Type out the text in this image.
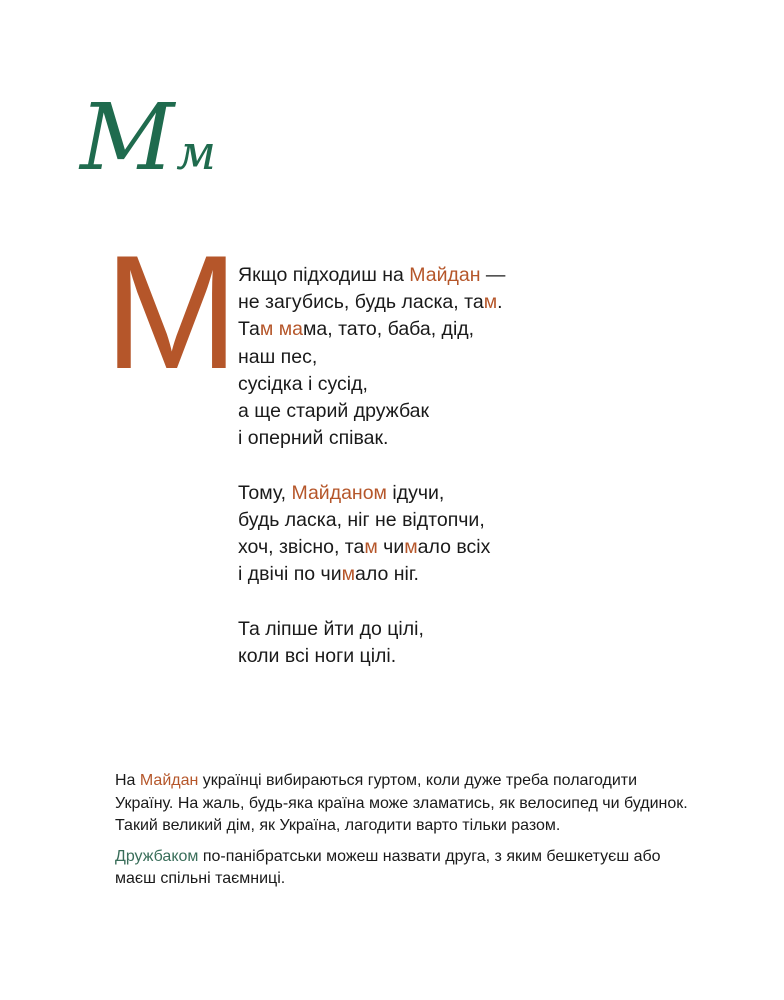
Mм
M Якщо підходиш на Майдан —
не загубись, будь ласка, там.
Там мама, тато, баба, дід,
наш пес,
сусідка і сусід,
а ще старий дружбак
і оперний співак.
Тому, Майданом ідучи,
будь ласка, ніг не відтопчи,
хоч, звісно, там чимало всіх
і двічі по чимало ніг.
Та ліпше йти до цілі,
коли всі ноги цілі.

На Майдан українці вибираються гуртом, коли дуже треба полагодити Україну. На жаль, будь-яка країна може зламатись, як велосипед чи будинок. Такий великий дім, як Україна, лагодити варто тільки разом.

Дружбаком по-панібратськи можеш назвати друга, з яким бешкетуєш або маєш спільні таємниці.
